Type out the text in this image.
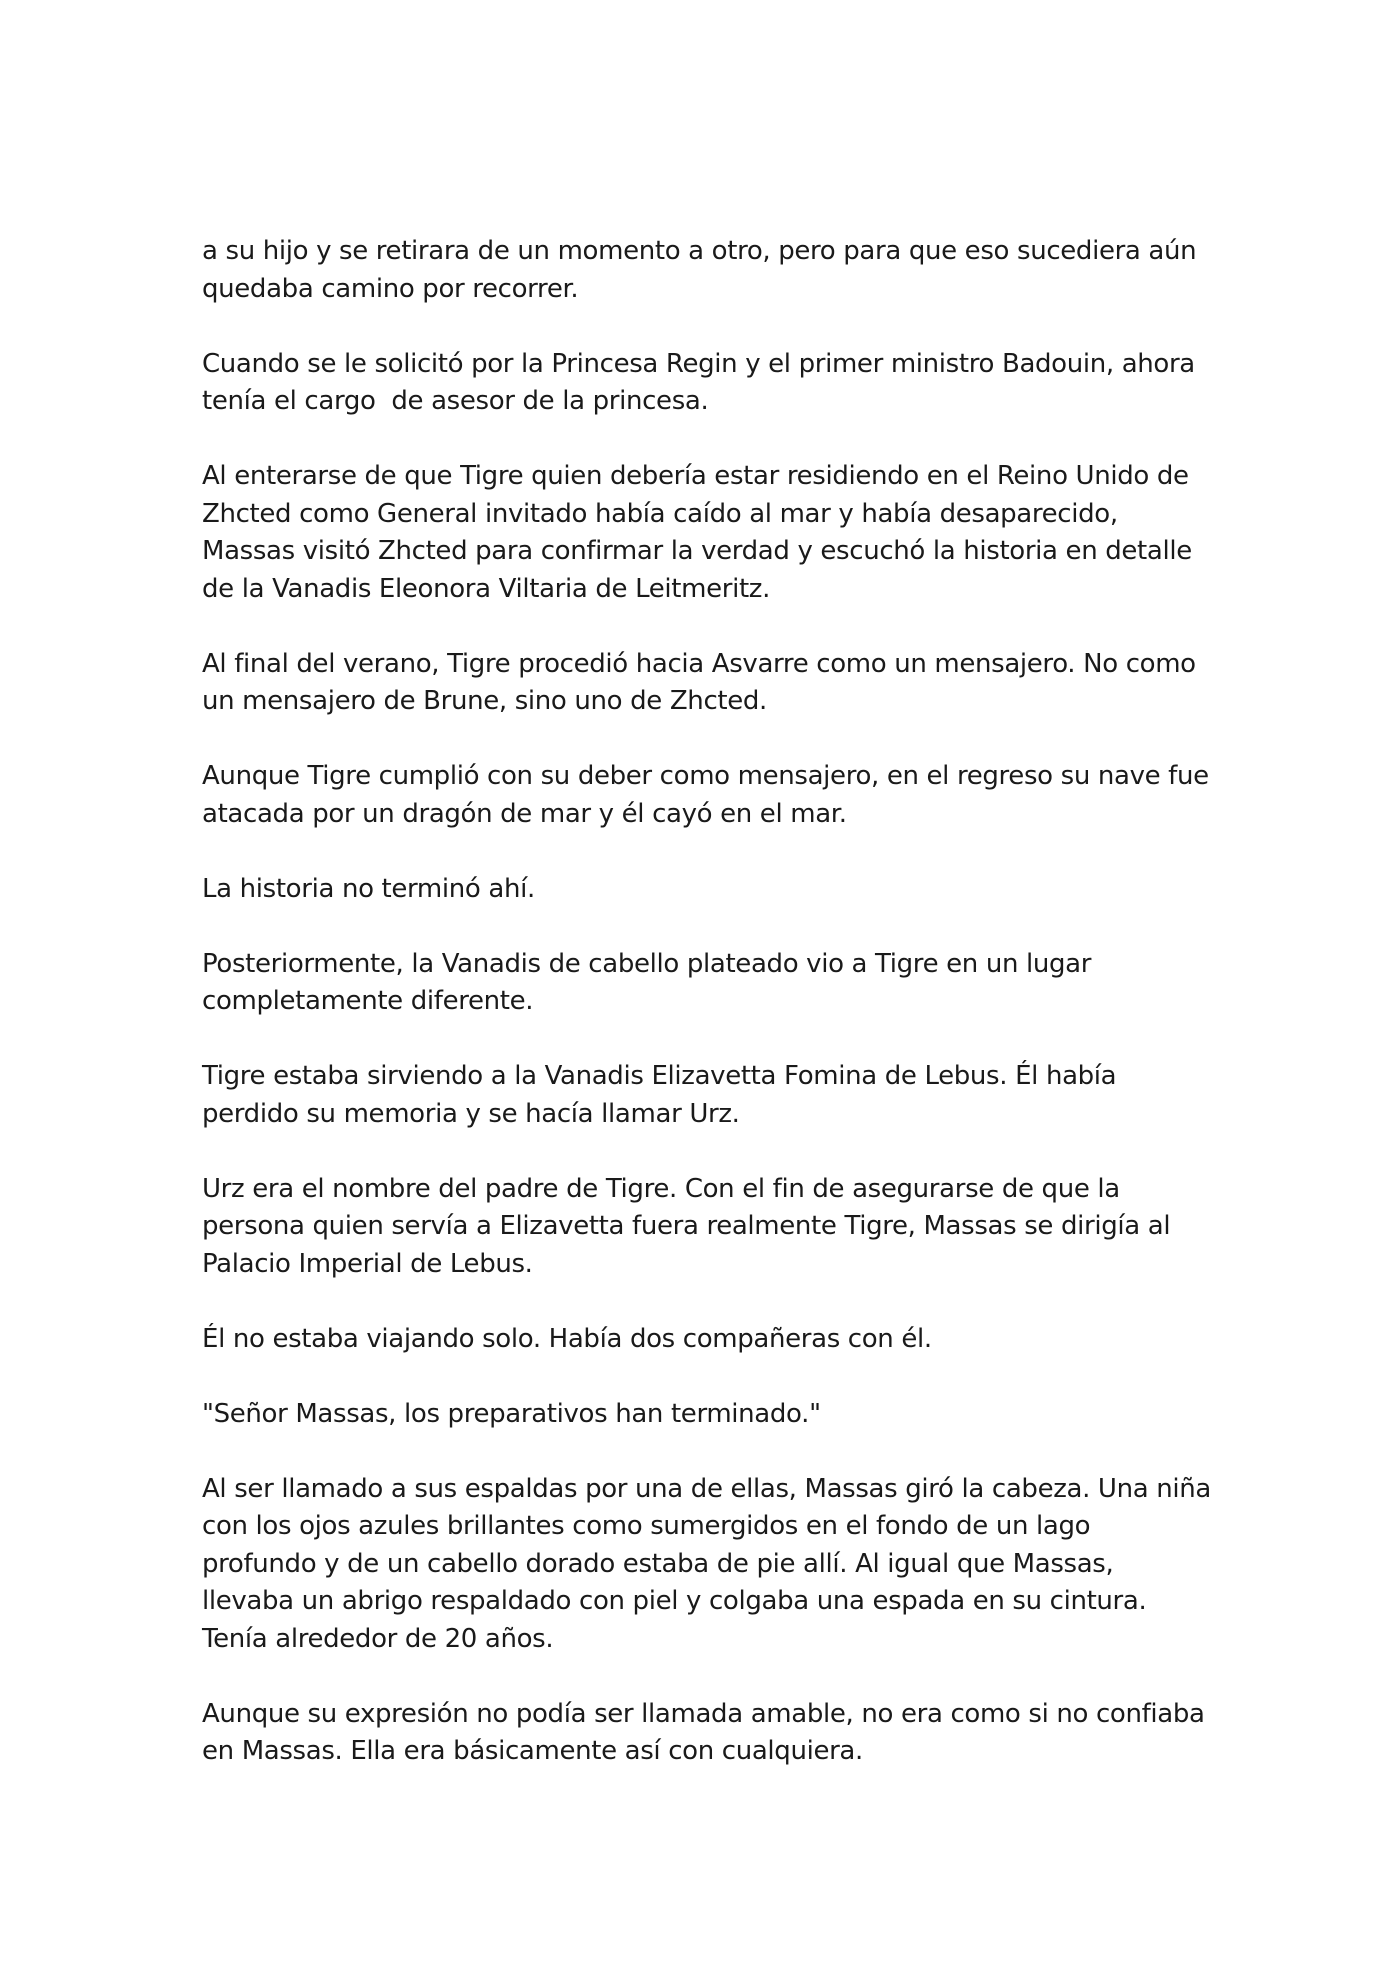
a su hijo y se retirara de un momento a otro, pero para que eso sucediera aún quedaba camino por recorrer.

Cuando se le solicitó por la Princesa Regin y el primer ministro Badouin, ahora tenía el cargo  de asesor de la princesa.

Al enterarse de que Tigre quien debería estar residiendo en el Reino Unido de Zhcted como General invitado había caído al mar y había desaparecido, Massas visitó Zhcted para confirmar la verdad y escuchó la historia en detalle de la Vanadis Eleonora Viltaria de Leitmeritz.

Al final del verano, Tigre procedió hacia Asvarre como un mensajero. No como un mensajero de Brune, sino uno de Zhcted.

Aunque Tigre cumplió con su deber como mensajero, en el regreso su nave fue atacada por un dragón de mar y él cayó en el mar.

La historia no terminó ahí.

Posteriormente, la Vanadis de cabello plateado vio a Tigre en un lugar completamente diferente.

Tigre estaba sirviendo a la Vanadis Elizavetta Fomina de Lebus. Él había perdido su memoria y se hacía llamar Urz.

Urz era el nombre del padre de Tigre. Con el fin de asegurarse de que la persona quien servía a Elizavetta fuera realmente Tigre, Massas se dirigía al Palacio Imperial de Lebus.

Él no estaba viajando solo. Había dos compañeras con él.

"Señor Massas, los preparativos han terminado."

Al ser llamado a sus espaldas por una de ellas, Massas giró la cabeza. Una niña con los ojos azules brillantes como sumergidos en el fondo de un lago profundo y de un cabello dorado estaba de pie allí. Al igual que Massas, llevaba un abrigo respaldado con piel y colgaba una espada en su cintura. Tenía alrededor de 20 años.

Aunque su expresión no podía ser llamada amable, no era como si no confiaba en Massas. Ella era básicamente así con cualquiera.
